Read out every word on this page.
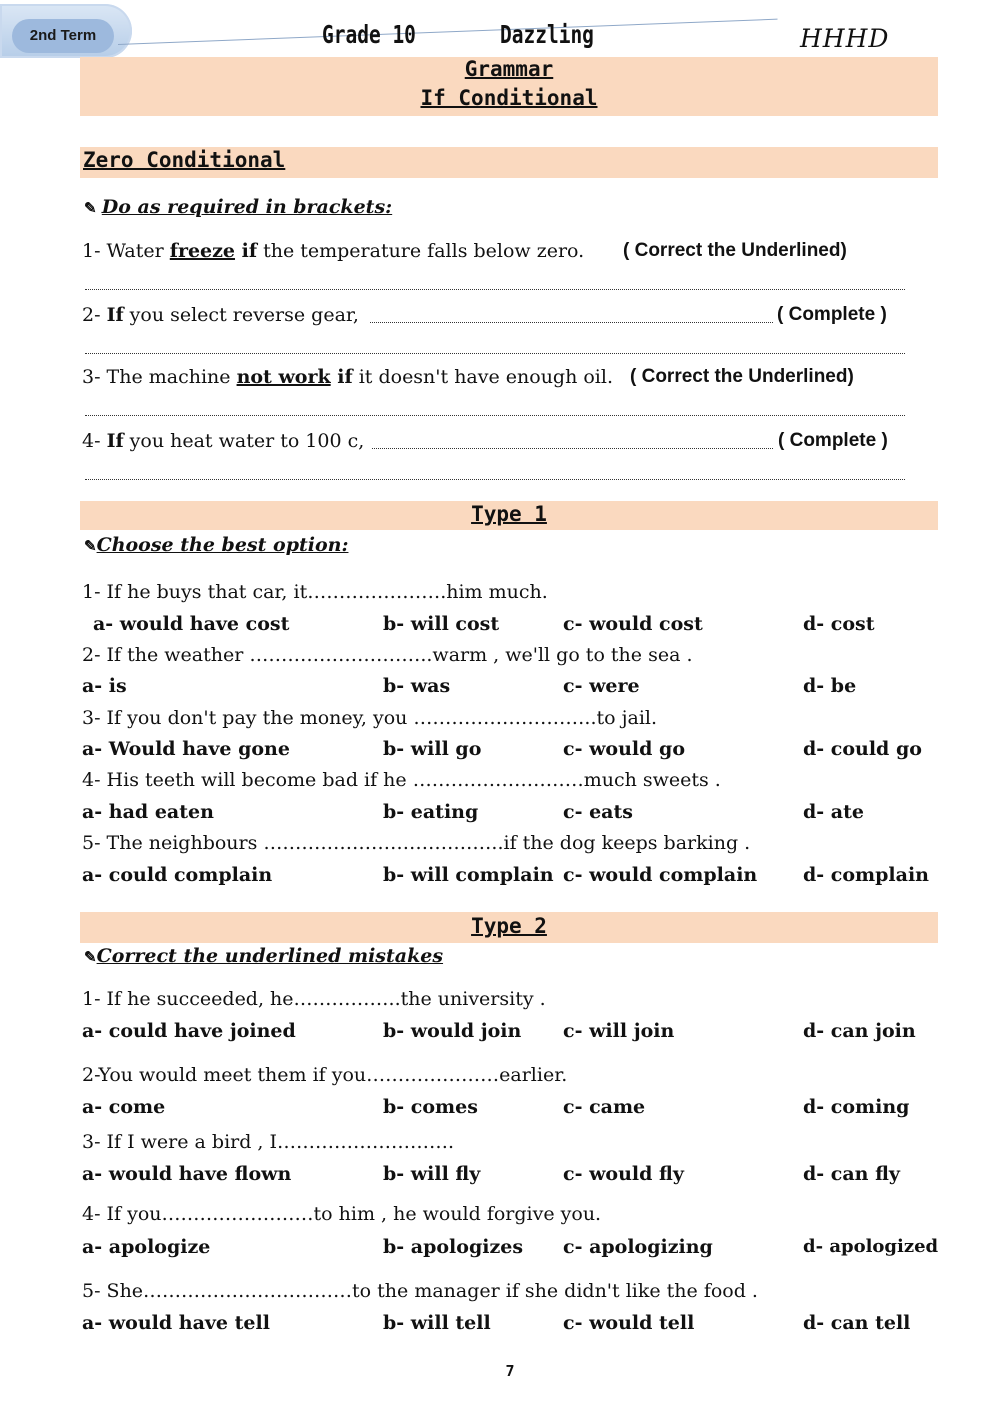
2nd Term	Grade 10	Dazzling	HHHD
Grammar
If Conditional
Zero Conditional
✎ Do as required in brackets:
1- Water freeze if the temperature falls below zero. ( Correct the Underlined)
2- If you select reverse gear,	( Complete )
3- The machine not work if it doesn't have enough oil. ( Correct the Underlined)
4- If you heat water to 100 c,	( Complete )
Type 1
✎Choose the best option:
1- If he buys that car, it………………….him much.
a- would have cost	b- will cost	c- would cost	d- cost
2- If the weather ………………………..warm , we'll go to the sea .
a- is	b- was	c- were	d- be
3- If you don't pay the money, you ………………………..to jail.
a- Would have gone	b- will go	c- would go	d- could go
4- His teeth will become bad if he ………………………much sweets .
a- had eaten	b- eating	c- eats	d- ate
5- The neighbours ………………………………..if the dog keeps barking .
a- could complain	b- will complain c- would complain d- complain
Type 2
✎Correct the underlined mistakes
1- If he succeeded, he……………..the university .
a- could have joined	b- would join c- will join	d- can join
2-You would meet them if you…………………earlier.
a- come	b- comes	c- came	d- coming
3- If I were a bird , I……………………….
a- would have flown	b- will fly	c- would fly	d- can fly
4- If you……………………to him , he would forgive you.
a- apologize	b- apologizes c- apologizing	d- apologized
5- She……………………………to the manager if she didn't like the food .
a- would have tell	b- will tell	c- would tell	d- can tell
7
